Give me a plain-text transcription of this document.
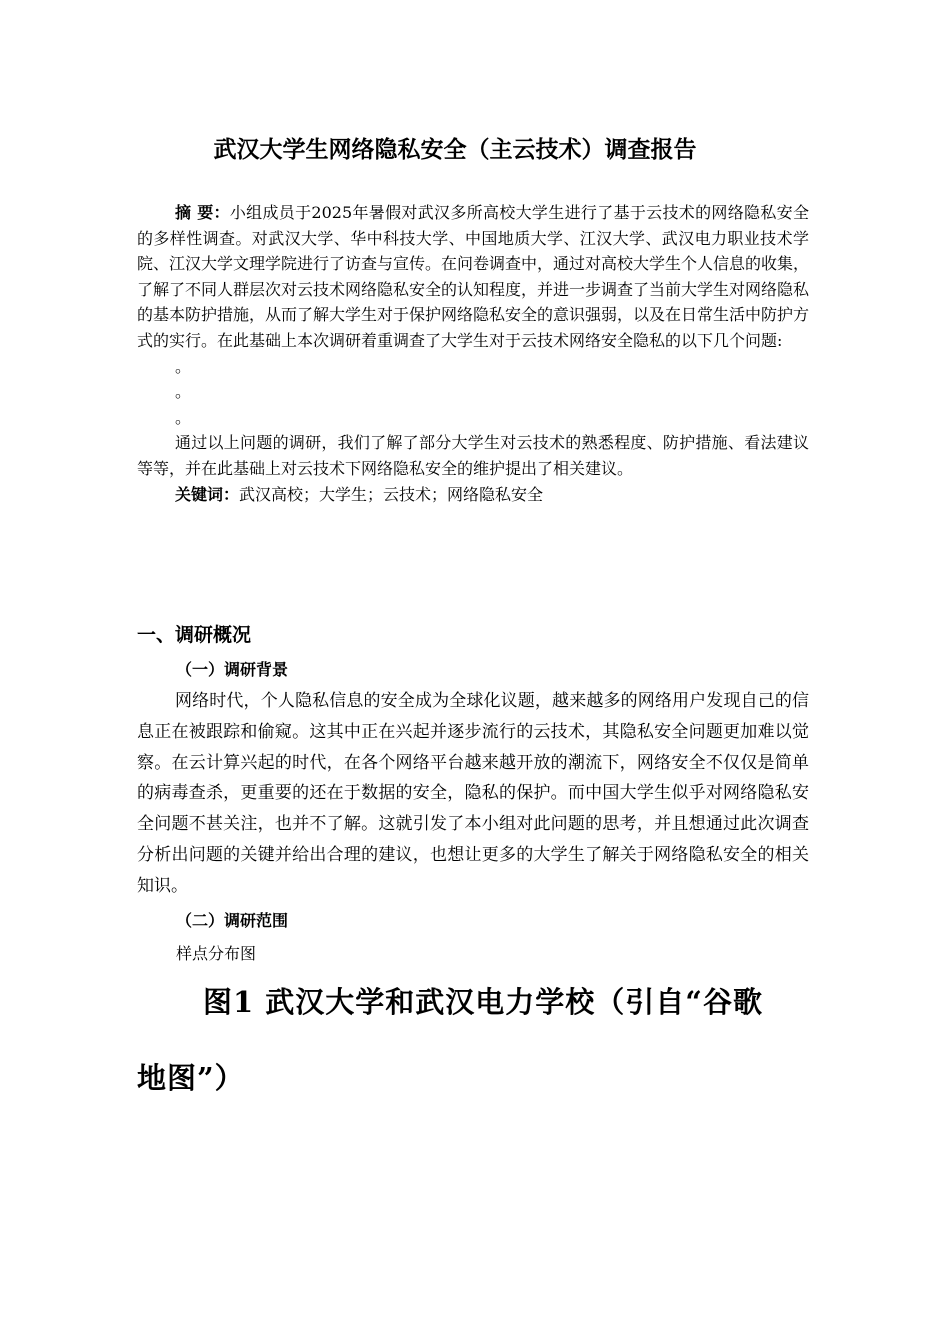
武汉大学生网络隐私安全（主云技术）调查报告

摘 要：小组成员于2025年暑假对武汉多所高校大学生进行了基于云技术的网络隐私安全的多样性调查。对武汉大学、华中科技大学、中国地质大学、江汉大学、武汉电力职业技术学院、江汉大学文理学院进行了访查与宣传。在问卷调查中，通过对高校大学生个人信息的收集，了解了不同人群层次对云技术网络隐私安全的认知程度，并进一步调查了当前大学生对网络隐私的基本防护措施，从而了解大学生对于保护网络隐私安全的意识强弱，以及在日常生活中防护方式的实行。在此基础上本次调研着重调查了大学生对于云技术网络安全隐私的以下几个问题:

。

。

。

通过以上问题的调研，我们了解了部分大学生对云技术的熟悉程度、防护措施、看法建议等等，并在此基础上对云技术下网络隐私安全的维护提出了相关建议。

关键词：武汉高校；大学生；云技术；网络隐私安全

一、调研概况
（一）调研背景

网络时代，个人隐私信息的安全成为全球化议题，越来越多的网络用户发现自己的信息正在被跟踪和偷窥。这其中正在兴起并逐步流行的云技术，其隐私安全问题更加难以觉察。在云计算兴起的时代，在各个网络平台越来越开放的潮流下，网络安全不仅仅是简单的病毒查杀，更重要的还在于数据的安全，隐私的保护。而中国大学生似乎对网络隐私安全问题不甚关注，也并不了解。这就引发了本小组对此问题的思考，并且想通过此次调查分析出问题的关键并给出合理的建议，也想让更多的大学生了解关于网络隐私安全的相关知识。

（二）调研范围
样点分布图

图1 武汉大学和武汉电力学校（引自“谷歌
地图”）
